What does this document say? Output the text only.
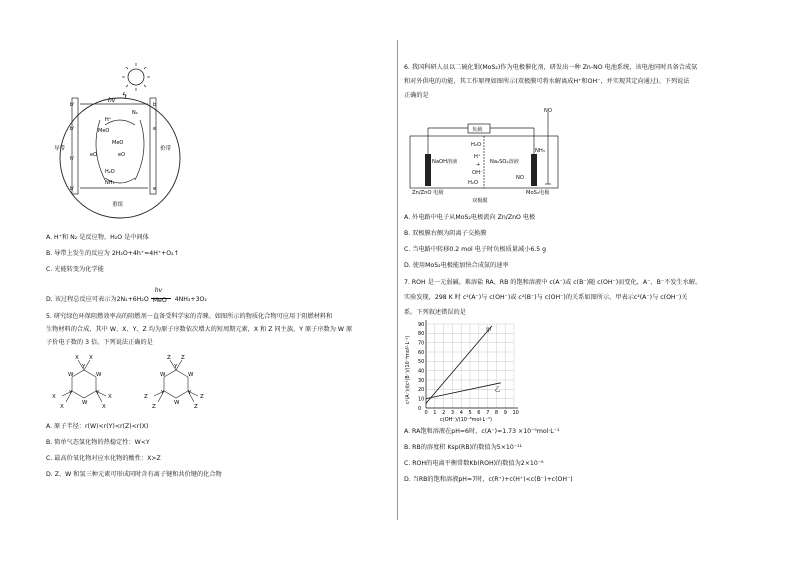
hv
ϟ
b'	b
N₂
H⁺
MeO
MeO
eO	eO
H₂O
NH₃
b'	e
h'
e
b'
导带	价带
重组
A. H⁺和 N₂ 是反应物，H₂O 是中间体
B. 导带上发生的反应为 2H₂O+4h⁺=4H⁺+O₂↑
C. 光能转变为化学能
D. 该过程总反应可表示为2N₂+6H₂O
hv
MeO 4NH₃+3O₂
5. 研究绿色环保阻燃效率高的阻燃剂一直备受科学家的青睐。如图所示的物质化合物可应用于阻燃材料和
生物材料的合成，其中 W、X、Y、Z 均为原子序数依次增大的短周期元素，X 和 Z 同主族，Y 原子序数为 W 原
子价电子数的 3 倍。下列说法正确的是
X X
Y
W	W
Y	Y
W
X
X
X
X
Z Z
Y
W	W
Y	Y
W
Z
Z
Z
Z
A. 原子半径：r(W)<r(Y)<r(Z)<r(X)
B. 简单气态氢化物的热稳定性：W<Y
C. 最高价氧化物对应水化物的酸性：X>Z
D. Z、W 和氢三种元素可形成同时含有离子键和共价键的化合物
6. 我国科研人员以二硫化钼(MoS₂)作为电极催化剂，研发出一种 Zn-NO 电池系统，该电池同时具备合成氨
和对外供电的功能，其工作原理如图所示(双极膜可将水解离成H⁺和OH⁻，并实现其定向通过)。下列说法
正确的是
负载
NO
NH₃
NaOH溶液
H₂O
H⁺
+
OH⁻
H₂O
Na₂SO₄溶液
NO
Zn/ZnO 电极	MoS₂电极
双极膜
A. 外电路中电子从MoS₂电极流向 Zn/ZnO 电极
B. 双极膜右侧为阴离子交换膜
C. 当电路中转移0.2 mol 电子时负极质量减小6.5 g
D. 使用MoS₂电极能加快合成氨的速率
7. ROH 是一元弱碱。难溶盐 RA、RB 的饱和溶液中 c(A⁻)或 c(B⁻)随 c(OH⁻)而变化，A⁻、B⁻不发生水解。
实验发现，298 K 时 c²(A⁻)与 c(OH⁻)或 c²(B⁻)与 c(OH⁻)的关系如图所示，甲表示c²(A⁻)与 c(OH⁻)关
系。下列叙述错误的是
0 1 2 3 4 5 6 7 8 9 10
0
10
20
30
40
50
60
70
80
90
c(OH⁻)/(10⁻⁸mol·L⁻¹)
c²(A⁻)或c²(B⁻)/(10⁻⁹mol²·L⁻²)
甲
乙
A. RA饱和溶液在pH=6时，c(A⁻)≈1.73 ×10⁻⁵mol·L⁻¹
B. RB的溶度积 Ksp(RB)的数值为5×10⁻¹¹
C. ROH的电离平衡常数Kb(ROH)的数值为2×10⁻⁶
D. 当RB的饱和溶液pH=7时，c(R⁺)+c(H⁺)<c(B⁻)+c(OH⁻)
